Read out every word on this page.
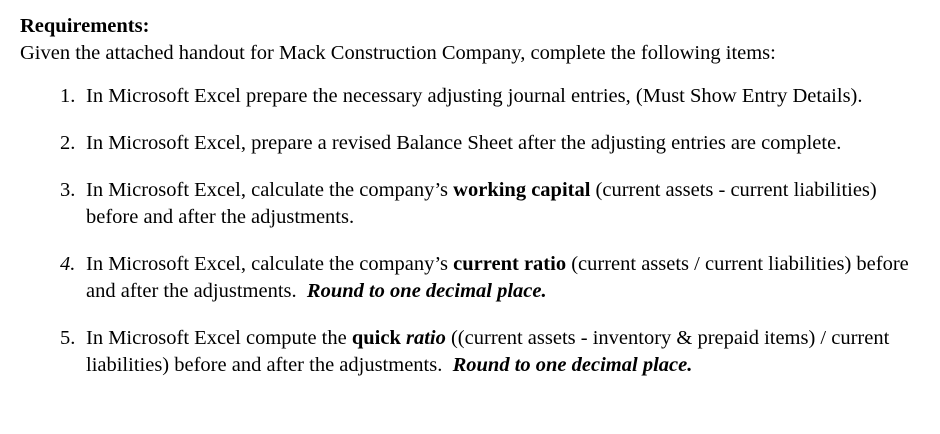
Requirements:
Given the attached handout for Mack Construction Company, complete the following items:
1. In Microsoft Excel prepare the necessary adjusting journal entries, (Must Show Entry Details).
2. In Microsoft Excel, prepare a revised Balance Sheet after the adjusting entries are complete.
3. In Microsoft Excel, calculate the company’s working capital (current assets - current liabilities) before and after the adjustments.
4. In Microsoft Excel, calculate the company’s current ratio (current assets / current liabilities) before and after the adjustments.  Round to one decimal place.
5. In Microsoft Excel compute the quick ratio ((current assets - inventory & prepaid items) / current liabilities) before and after the adjustments.  Round to one decimal place.
